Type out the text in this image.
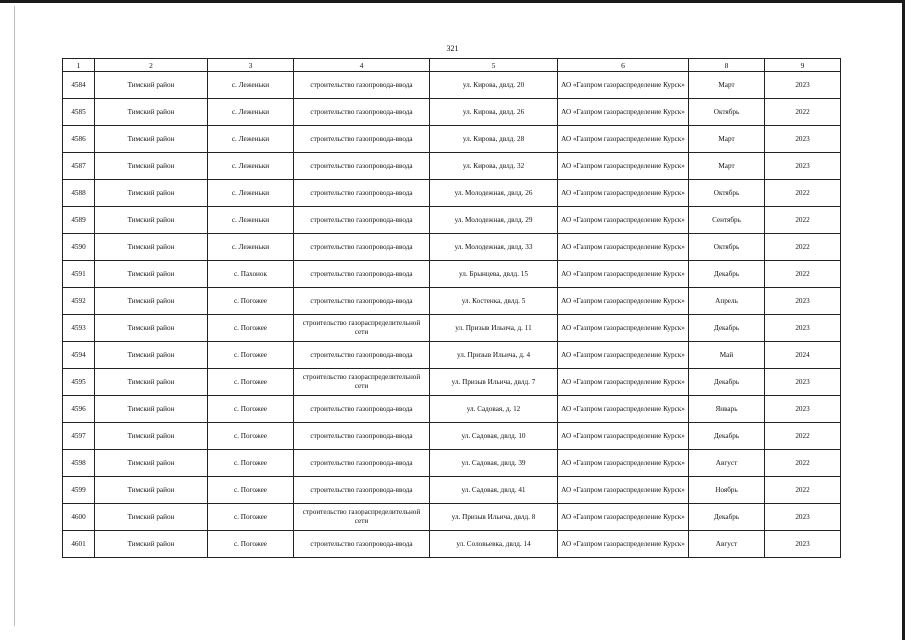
321
1	2	3	4	5	6	8	9
4584	Тимский район	с. Леженьки	строительство газопровода-ввода	ул. Кирова, двлд. 20	АО «Газпром газораспределение Курск»	Март	2023
4585	Тимский район	с. Леженьки	строительство газопровода-ввода	ул. Кирова, двлд. 26	АО «Газпром газораспределение Курск»	Октябрь	2022
4586	Тимский район	с. Леженьки	строительство газопровода-ввода	ул. Кирова, двлд. 28	АО «Газпром газораспределение Курск»	Март	2023
4587	Тимский район	с. Леженьки	строительство газопровода-ввода	ул. Кирова, двлд. 32	АО «Газпром газораспределение Курск»	Март	2023
4588	Тимский район	с. Леженьки	строительство газопровода-ввода	ул. Молодежная, двлд. 26	АО «Газпром газораспределение Курск»	Октябрь	2022
4589	Тимский район	с. Леженьки	строительство газопровода-ввода	ул. Молодежная, двлд. 29	АО «Газпром газораспределение Курск»	Сентябрь	2022
4590	Тимский район	с. Леженьки	строительство газопровода-ввода	ул. Молодежная, двлд. 33	АО «Газпром газораспределение Курск»	Октябрь	2022
4591	Тимский район	с. Пахонок	строительство газопровода-ввода	ул. Брынцева, двлд. 15	АО «Газпром газораспределение Курск»	Декабрь	2022
4592	Тимский район	с. Погожее	строительство газопровода-ввода	ул. Костенка, двлд. 5	АО «Газпром газораспределение Курск»	Апрель	2023
4593	Тимский район	с. Погожее	строительство газораспределительной сети	ул. Призыв Ильича, д. 11	АО «Газпром газораспределение Курск»	Декабрь	2023
4594	Тимский район	с. Погожее	строительство газопровода-ввода	ул. Призыв Ильича, д. 4	АО «Газпром газораспределение Курск»	Май	2024
4595	Тимский район	с. Погожее	строительство газораспределительной сети	ул. Призыв Ильича, двлд. 7	АО «Газпром газораспределение Курск»	Декабрь	2023
4596	Тимский район	с. Погожее	строительство газопровода-ввода	ул. Садовая, д. 12	АО «Газпром газораспределение Курск»	Январь	2023
4597	Тимский район	с. Погожее	строительство газопровода-ввода	ул. Садовая, двлд. 10	АО «Газпром газораспределение Курск»	Декабрь	2022
4598	Тимский район	с. Погожее	строительство газопровода-ввода	ул. Садовая, двлд. 39	АО «Газпром газораспределение Курск»	Август	2022
4599	Тимский район	с. Погожее	строительство газопровода-ввода	ул. Садовая, двлд. 41	АО «Газпром газораспределение Курск»	Ноябрь	2022
4600	Тимский район	с. Погожее	строительство газораспределительной сети	ул. Призыв Ильича, двлд. 8	АО «Газпром газораспределение Курск»	Декабрь	2023
4601	Тимский район	с. Погожее	строительство газопровода-ввода	ул. Соловьевка, двлд. 14	АО «Газпром газораспределение Курск»	Август	2023
